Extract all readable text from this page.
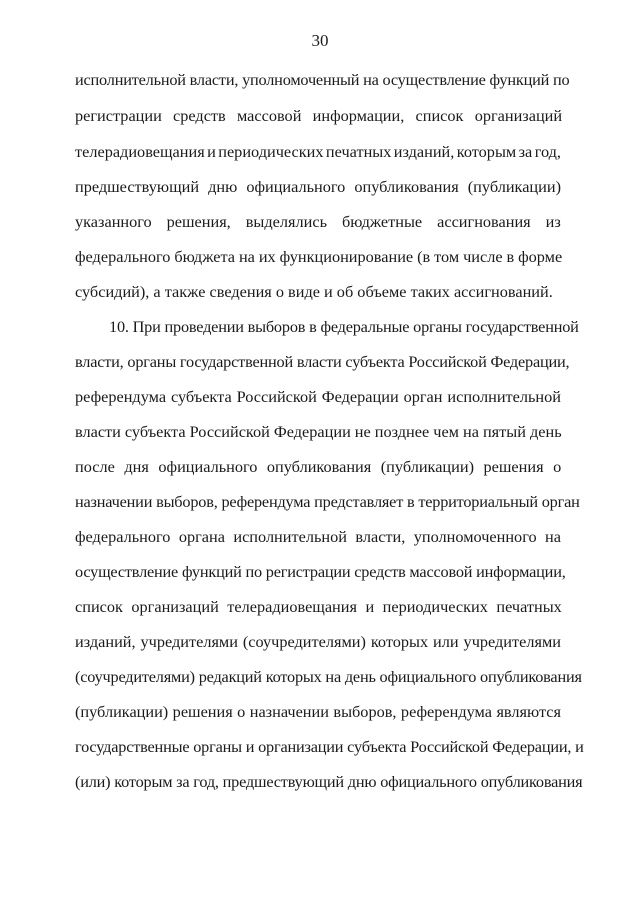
30
исполнительной власти, уполномоченный на осуществление функций по
регистрации средств массовой информации, список организаций
телерадиовещания и периодических печатных изданий, которым за год,
предшествующий дню официального опубликования (публикации)
указанного решения, выделялись бюджетные ассигнования из
федерального бюджета на их функционирование (в том числе в форме
субсидий), а также сведения о виде и об объеме таких ассигнований.
10. При проведении выборов в федеральные органы государственной
власти, органы государственной власти субъекта Российской Федерации,
референдума субъекта Российской Федерации орган исполнительной
власти субъекта Российской Федерации не позднее чем на пятый день
после дня официального опубликования (публикации) решения о
назначении выборов, референдума представляет в территориальный орган
федерального органа исполнительной власти, уполномоченного на
осуществление функций по регистрации средств массовой информации,
список организаций телерадиовещания и периодических печатных
изданий, учредителями (соучредителями) которых или учредителями
(соучредителями) редакций которых на день официального опубликования
(публикации) решения о назначении выборов, референдума являются
государственные органы и организации субъекта Российской Федерации, и
(или) которым за год, предшествующий дню официального опубликования
